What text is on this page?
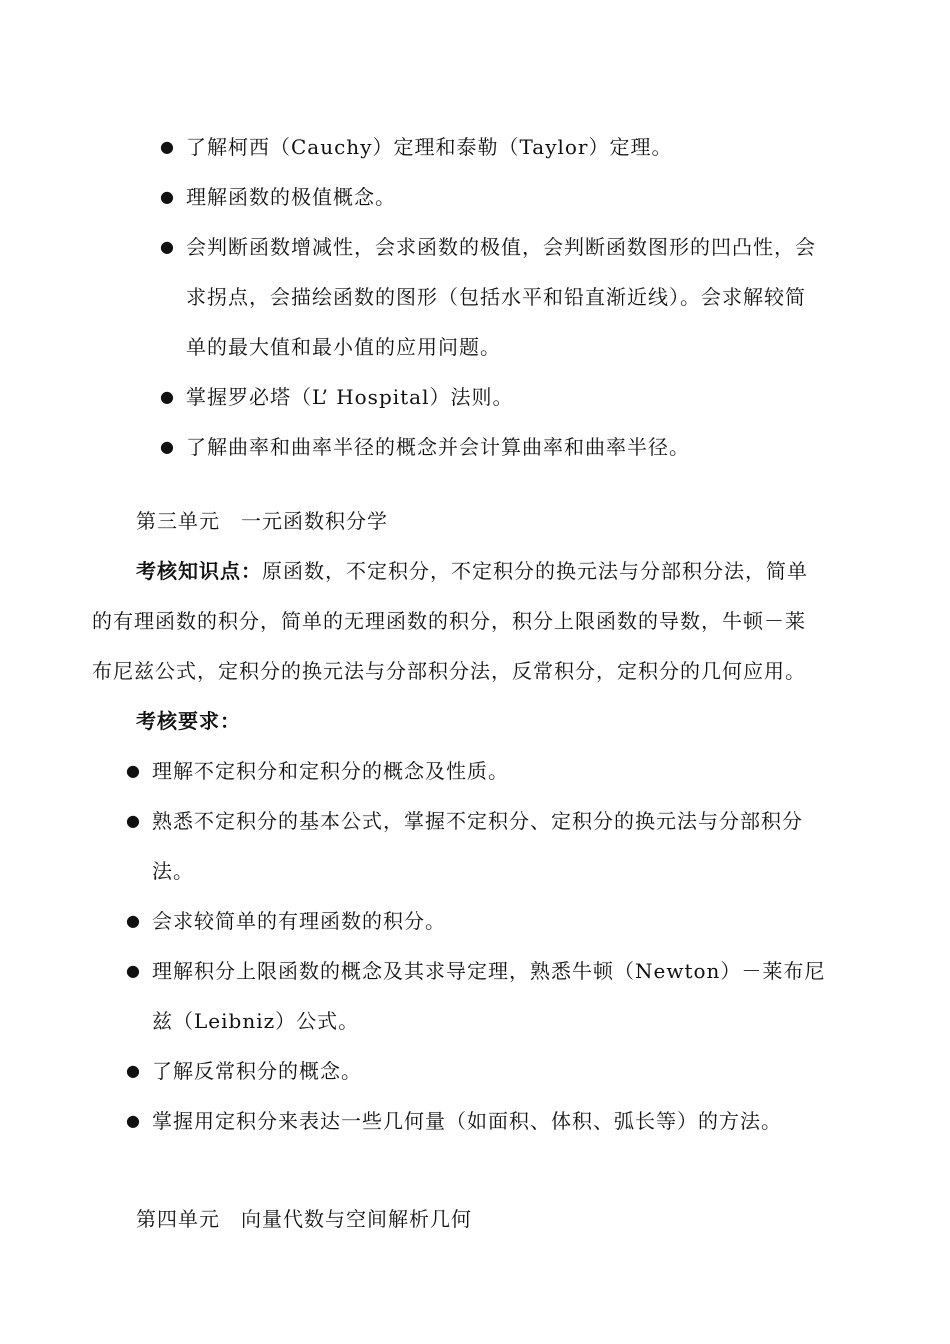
● 了解柯西（Cauchy）定理和泰勒（Taylor）定理。
● 理解函数的极值概念。
● 会判断函数增减性，会求函数的极值，会判断函数图形的凹凸性，会
求拐点，会描绘函数的图形（包括水平和铅直渐近线）。会求解较简
单的最大值和最小值的应用问题。
● 掌握罗必塔（L’ Hospital）法则。
● 了解曲率和曲率半径的概念并会计算曲率和曲率半径。
第三单元　一元函数积分学
考核知识点：原函数，不定积分，不定积分的换元法与分部积分法，简单
的有理函数的积分，简单的无理函数的积分，积分上限函数的导数，牛顿－莱
布尼兹公式，定积分的换元法与分部积分法，反常积分，定积分的几何应用。
考核要求：
● 理解不定积分和定积分的概念及性质。
● 熟悉不定积分的基本公式，掌握不定积分、定积分的换元法与分部积分
法。
● 会求较简单的有理函数的积分。
● 理解积分上限函数的概念及其求导定理，熟悉牛顿（Newton）－莱布尼
兹（Leibniz）公式。
● 了解反常积分的概念。
● 掌握用定积分来表达一些几何量（如面积、体积、弧长等）的方法。
第四单元　向量代数与空间解析几何
